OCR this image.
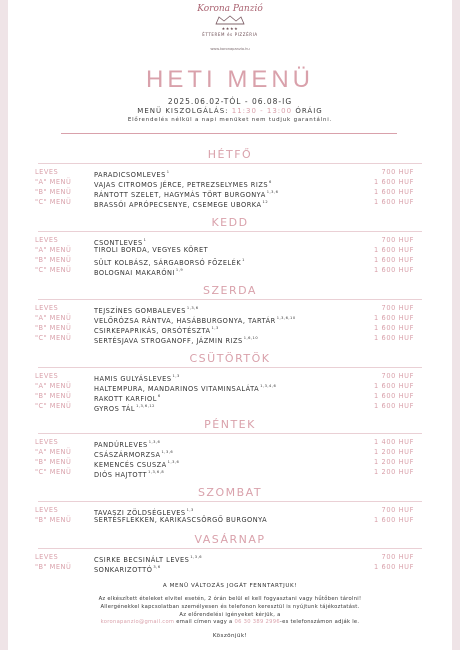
Korona Panzió
★★★★
ÉTTEREM és PIZZÉRIA
www.koronapanzio.hu
HETI MENÜ
2025.06.02-TÓL - 06.08-IG
MENÜ KISZOLGÁLÁS: 11:30 - 13:00 ÓRÁIG
Előrendelés nélkül a napi menüket nem tudjuk garantálni.
A MENÜ VÁLTOZÁS JOGÁT FENNTARTJUK!
Az elkészített ételeket elvitel esetén, 2 órán belül el kell fogyasztani vagy hűtőben tárolni!
Allergénekkel kapcsolatban személyesen és telefonon keresztül is nyújtunk tájékoztatást.
Az előrendelési igényeket kérjük, a
koronapanzio@gmail.com email címen vagy a 06 30 389 2996-es telefonszámon adják le.
Köszönjük!
HÉTFŐ
LEVES	PARADICSOMLEVES$^1$	700 HUF
"A" MENÜ	VAJAS CITROMOS JÉRCE, PETREZSELYMES RIZS$^6$	1 600 HUF
"B" MENÜ	RÁNTOTT SZELET, HAGYMÁS TÖRT BURGONYA$^{1,3,6}$	1 600 HUF
"C" MENÜ	BRASSÓI APRÓPECSENYE, CSEMEGE UBORKA$^{12}$	1 600 HUF
KEDD
LEVES	CSONTLEVES$^1$	700 HUF
"A" MENÜ	TIROLI BORDA, VEGYES KÖRET	1 600 HUF
"B" MENÜ	SÜLT KOLBÁSZ, SÁRGABORSÓ FŐZELÉK$^1$	1 600 HUF
"C" MENÜ	BOLOGNAI MAKARÓNI$^{1,9}$	1 600 HUF
SZERDA
LEVES	TEJSZÍNES GOMBALEVES$^{1,3,6}$	700 HUF
"A" MENÜ	VELŐRÓZSA RÁNTVA, HASÁBBURGONYA, TARTÁR$^{1,3,6,10}$	1 600 HUF
"B" MENÜ	CSIRKEPAPRIKÁS, ORSÓTÉSZTA$^{1,3}$	1 600 HUF
"C" MENÜ	SERTÉSJAVA STROGANOFF, JÁZMIN RIZS$^{1,6,10}$	1 600 HUF
CSÜTÖRTÖK
LEVES	HAMIS GULYÁSLEVES$^{1,3}$	700 HUF
"A" MENÜ	HALTEMPURA, MANDARINOS VITAMINSALÁTA$^{1,3,4,6}$	1 600 HUF
"B" MENÜ	RAKOTT KARFIOL$^6$	1 600 HUF
"C" MENÜ	GYROS TÁL$^{1,3,6,12}$	1 600 HUF
PÉNTEK
LEVES	PANDÚRLEVES$^{1,3,6}$	1 400 HUF
"A" MENÜ	CSÁSZÁRMORZSA$^{1,3,6}$	1 200 HUF
"B" MENÜ	KEMENCÉS CSUSZA$^{1,3,6}$	1 200 HUF
"C" MENÜ	DIÓS HAJTOTT$^{1,3,6,8}$	1 200 HUF
SZOMBAT
LEVES	TAVASZI ZÖLDSÉGLEVES$^{1,3}$	700 HUF
"B" MENÜ	SERTÉSFLEKKEN, KARIKASCSÖRGŐ BURGONYA	1 600 HUF
VASÁRNAP
LEVES	CSIRKE BECSINÁLT LEVES$^{1,3,6}$	700 HUF
"B" MENÜ	SONKARIZOTTÓ$^{3,6}$	1 600 HUF
